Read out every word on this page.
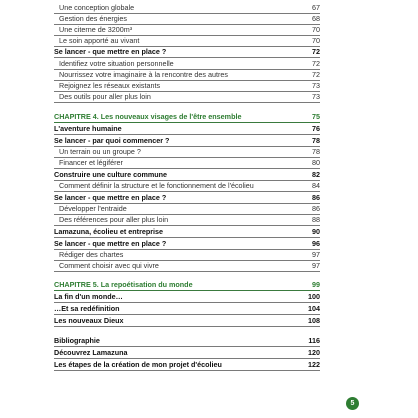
Une conception globale	67
Gestion des énergies	68
Une citerne de 3200m³	70
Le soin apporté au vivant	70
Se lancer - que mettre en place ?	72
Identifiez votre situation personnelle	72
Nourrissez votre imaginaire à la rencontre des autres	72
Rejoignez les réseaux existants	73
Des outils pour aller plus loin	73
CHAPITRE 4. Les nouveaux visages de l'être ensemble	75
L'aventure humaine	76
Se lancer - par quoi commencer ?	78
Un terrain ou un groupe ?	78
Financer et légiférer	80
Construire une culture commune	82
Comment définir la structure et le fonctionnement de l'écolieu	84
Se lancer - que mettre en place ?	86
Développer l'entraide	86
Des références pour aller plus loin	88
Lamazuna, écolieu et entreprise	90
Se lancer - que mettre en place ?	96
Rédiger des chartes	97
Comment choisir avec qui vivre	97
CHAPITRE 5. La repoétisation du monde	99
La fin d'un monde…	100
…Et sa redéfinition	104
Les nouveaux Dieux	108
Bibliographie	116
Découvrez Lamazuna	120
Les étapes de la création de mon projet d'écolieu	122
5
